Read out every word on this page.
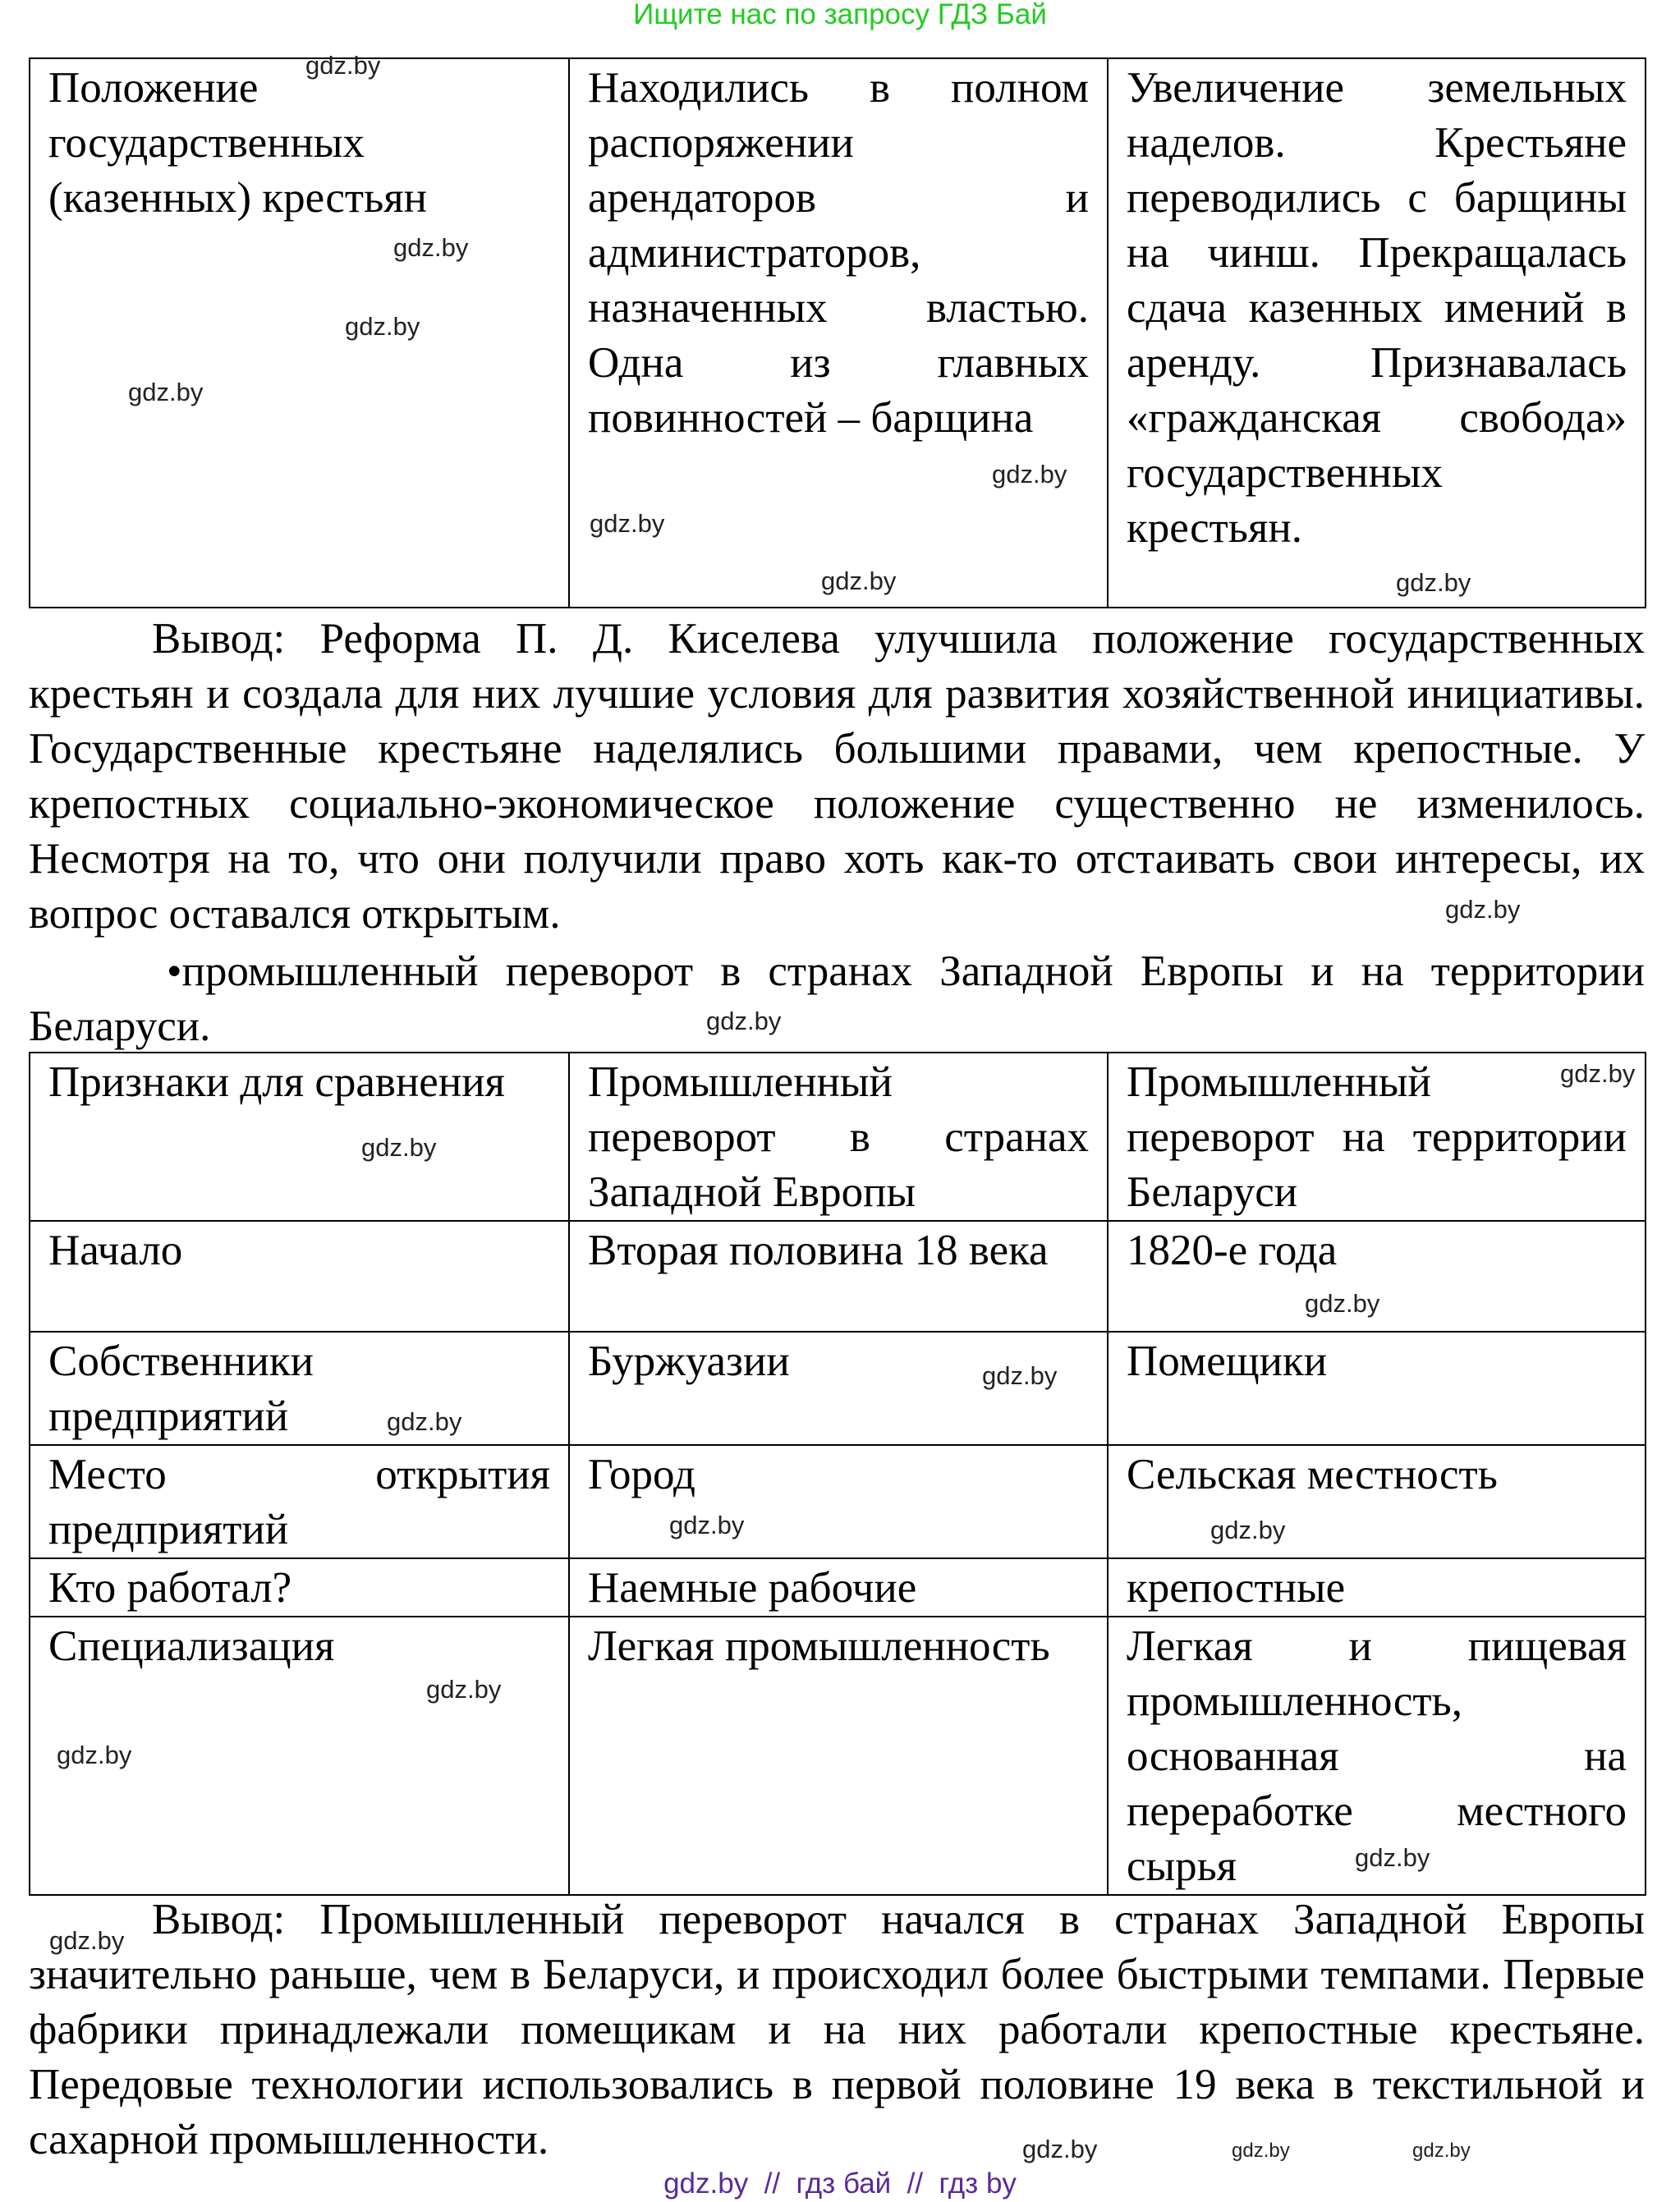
Ищите нас по запросу ГДЗ Бай
Положение государственных (казенных) крестьян	Находились в полном распоряжении арендаторов и администраторов, назначенных властью. Одна из главных повинностей – барщина	Увеличение земельных наделов. Крестьяне переводились с барщины на чинш. Прекращалась сдача казенных имений в аренду. Признавалась «гражданская свобода» государственных крестьян.
Вывод: Реформа П. Д. Киселева улучшила положение государственных крестьян и создала для них лучшие условия для развития хозяйственной инициативы. Государственные крестьяне наделялись большими правами, чем крепостные. У крепостных социально-экономическое положение существенно не изменилось. Несмотря на то, что они получили право хоть как-то отстаивать свои интересы, их вопрос оставался открытым.
•промышленный переворот в странах Западной Европы и на территории Беларуси.
Признаки для сравнения	Промышленный переворот в странах Западной Европы	Промышленный переворот на территории Беларуси
Начало	Вторая половина 18 века	1820-е года
Собственники предприятий	Буржуазии	Помещики
Место открытия предприятий	Город	Сельская местность
Кто работал?	Наемные рабочие	крепостные
Специализация	Легкая промышленность	Легкая и пищевая промышленность, основанная на переработке местного сырья
Вывод: Промышленный переворот начался в странах Западной Европы значительно раньше, чем в Беларуси, и происходил более быстрыми темпами. Первые фабрики принадлежали помещикам и на них работали крепостные крестьяне. Передовые технологии использовались в первой половине 19 века в текстильной и сахарной промышленности.
gdz.by
gdz.by
gdz.by
gdz.by
gdz.by
gdz.by
gdz.by
gdz.by
gdz.by
gdz.by
gdz.by
gdz.by
gdz.by
gdz.by
gdz.by
gdz.by	gdz.by
gdz.by
gdz.by
gdz.by
gdz.by
gdz.by	gdz.by
gdz.by
gdz.by  //  гдз бай  //  гдз by
